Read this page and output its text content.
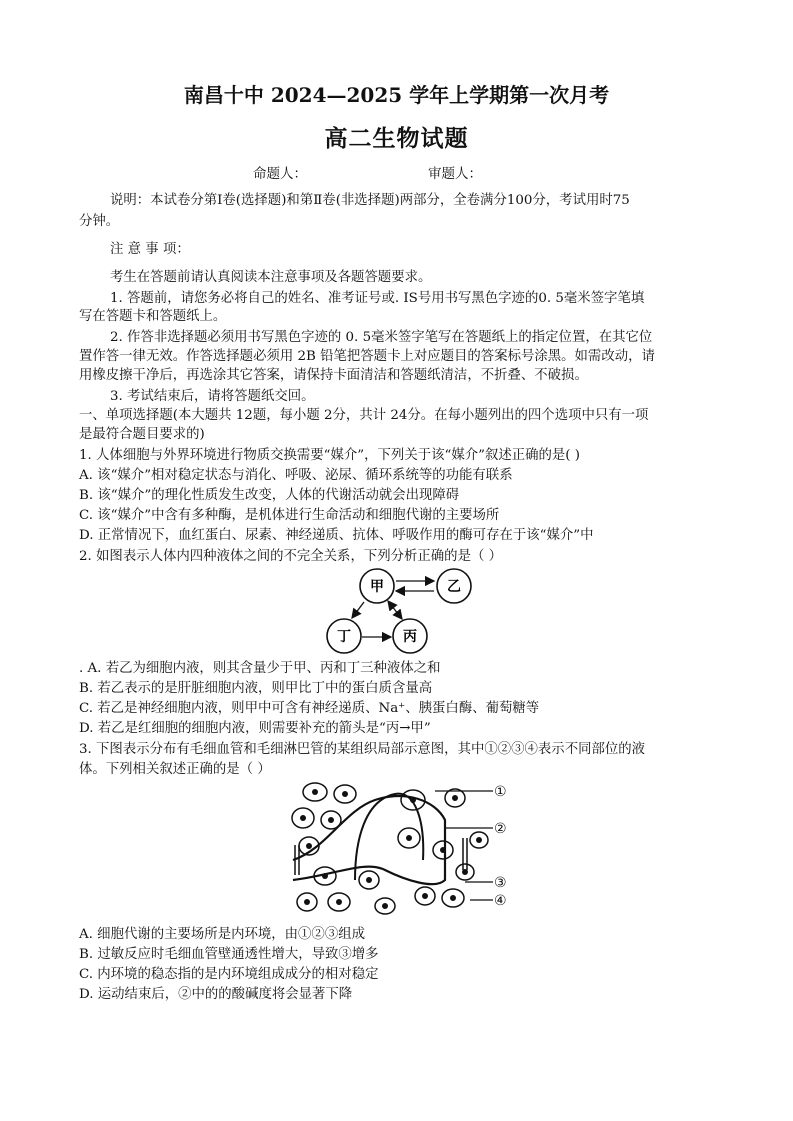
南昌十中 2024—2025 学年上学期第一次月考
高二生物试题
命题人：	审题人：
说明：本试卷分第Ⅰ卷(选择题)和第Ⅱ卷(非选择题)两部分，全卷满分100分，考试用时75
分钟。
注 意 事 项：
考生在答题前请认真阅读本注意事项及各题答题要求。
1. 答题前，请您务必将自己的姓名、准考证号或. IS号用书写黑色字迹的0. 5毫米签字笔填
写在答题卡和答题纸上。
2. 作答非选择题必须用书写黑色字迹的 0. 5毫米签字笔写在答题纸上的指定位置，在其它位
置作答一律无效。作答选择题必须用 2B 铅笔把答题卡上对应题目的答案标号涂黑。如需改动，请
用橡皮擦干净后，再选涂其它答案，请保持卡面清洁和答题纸清洁，不折叠、不破损。
3. 考试结束后，请将答题纸交回。
一、单项选择题(本大题共 12题，每小题 2分，共计 24分。在每小题列出的四个选项中只有一项
是最符合题目要求的)
1. 人体细胞与外界环境进行物质交换需要“媒介”，下列关于该“媒介”叙述正确的是( )
A. 该“媒介”相对稳定状态与消化、呼吸、泌尿、循环系统等的功能有联系
B. 该“媒介”的理化性质发生改变，人体的代谢活动就会出现障碍
C. 该“媒介”中含有多种酶，是机体进行生命活动和细胞代谢的主要场所
D. 正常情况下，血红蛋白、尿素、神经递质、抗体、呼吸作用的酶可存在于该“媒介”中
2. 如图表示人体内四种液体之间的不完全关系，下列分析正确的是（ ）
甲	乙
丁	丙
. A. 若乙为细胞内液，则其含量少于甲、丙和丁三种液体之和
B. 若乙表示的是肝脏细胞内液，则甲比丁中的蛋白质含量高
C. 若乙是神经细胞内液，则甲中可含有神经递质、Na⁺、胰蛋白酶、葡萄糖等
D. 若乙是红细胞的细胞内液，则需要补充的箭头是“丙→甲”
3. 下图表示分布有毛细血管和毛细淋巴管的某组织局部示意图，其中①②③④表示不同部位的液
体。下列相关叙述正确的是（ ）
①
②
③
④
A. 细胞代谢的主要场所是内环境，由①②③组成
B. 过敏反应时毛细血管壁通透性增大，导致③增多
C. 内环境的稳态指的是内环境组成成分的相对稳定
D. 运动结束后，②中的的酸碱度将会显著下降
